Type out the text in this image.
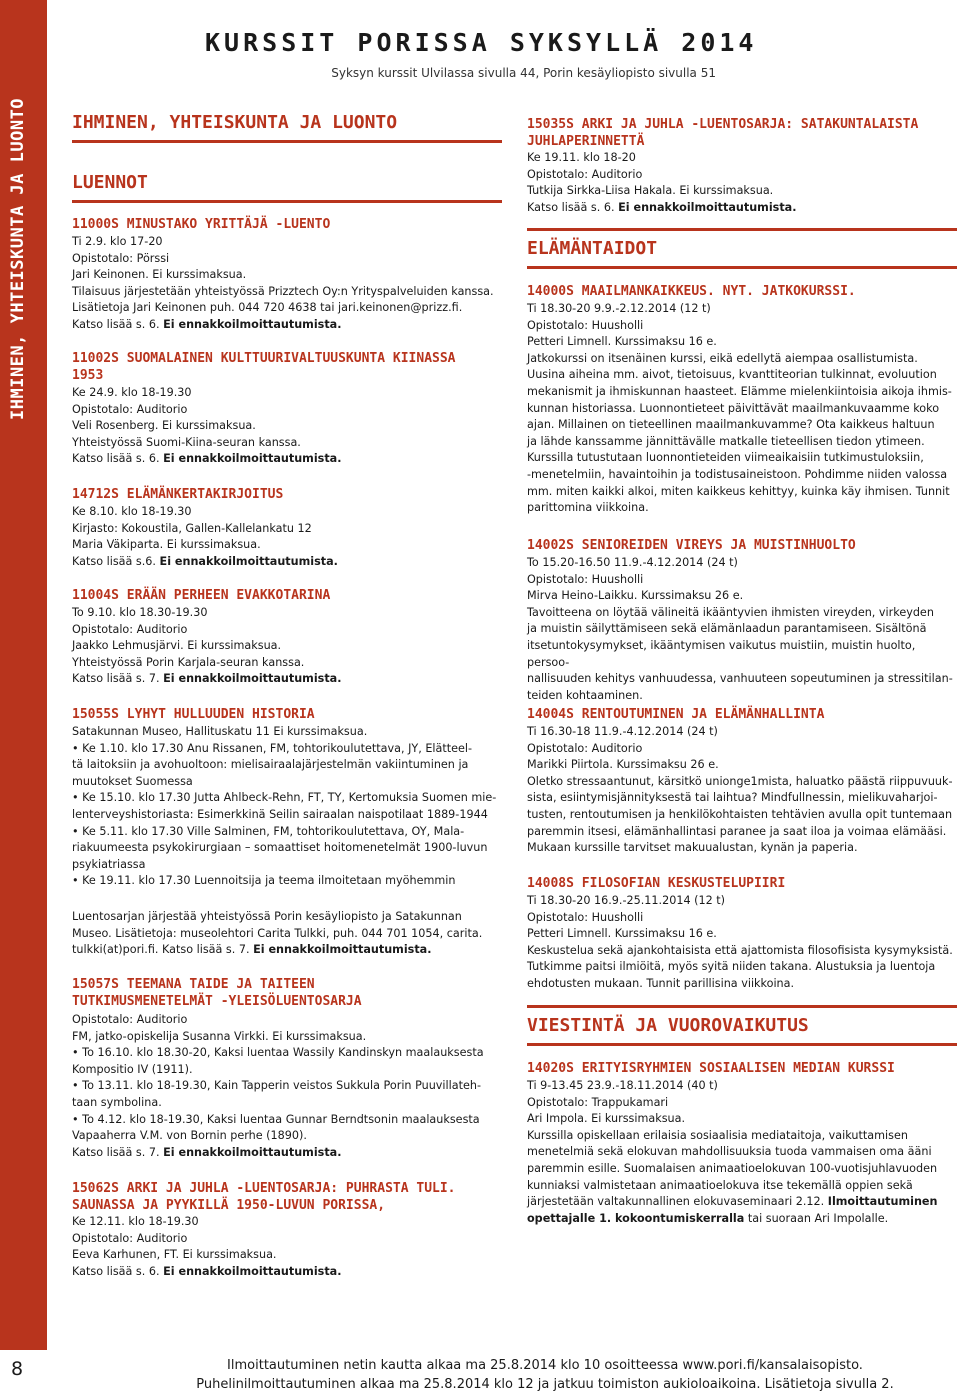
IHMINEN, YHTEISKUNTA JA LUONTO
8
KURSSIT PORISSA SYKSYLLÄ 2014
Syksyn kurssit Ulvilassa sivulla 44, Porin kesäyliopisto sivulla 51
IHMINEN, YHTEISKUNTA JA LUONTO
LUENNOT
11000S MINUSTAKO YRITTÄJÄ -LUENTO
Ti 2.9. klo 17-20
Opistotalo: Pörssi
Jari Keinonen. Ei kurssimaksua.
Tilaisuus järjestetään yhteistyössä Prizztech Oy:n Yrityspalveluiden kanssa.
Lisätietoja Jari Keinonen puh. 044 720 4638 tai jari.keinonen@prizz.fi.
Katso lisää s. 6. Ei ennakkoilmoittautumista.
11002S SUOMALAINEN KULTTUURIVALTUUSKUNTA KIINASSA 1953
Ke 24.9. klo 18-19.30
Opistotalo: Auditorio
Veli Rosenberg. Ei kurssimaksua.
Yhteistyössä Suomi-Kiina-seuran kanssa.
Katso lisää s. 6. Ei ennakkoilmoittautumista.
14712S ELÄMÄNKERTAKIRJOITUS
Ke 8.10. klo 18-19.30
Kirjasto: Kokoustila, Gallen-Kallelankatu 12
Maria Väkiparta. Ei kurssimaksua.
Katso lisää s.6. Ei ennakkoilmoittautumista.
11004S ERÄÄN PERHEEN EVAKKOTARINA
To 9.10. klo 18.30-19.30
Opistotalo: Auditorio
Jaakko Lehmusjärvi. Ei kurssimaksua.
Yhteistyössä Porin Karjala-seuran kanssa.
Katso lisää s. 7. Ei ennakkoilmoittautumista.
15055S LYHYT HULLUUDEN HISTORIA
Satakunnan Museo, Hallituskatu 11 Ei kurssimaksua.
• Ke 1.10. klo 17.30 Anu Rissanen, FM, tohtorikoulutettava, JY, Elätteel-
tä laitoksiin ja avohuoltoon: mielisairaalajärjestelmän vakiintuminen ja
muutokset Suomessa
• Ke 15.10. klo 17.30 Jutta Ahlbeck-Rehn, FT, TY, Kertomuksia Suomen mie-
lenterveyshistoriasta: Esimerkkinä Seilin sairaalan naispotilaat 1889-1944
• Ke 5.11. klo 17.30 Ville Salminen, FM, tohtorikoulutettava, OY, Mala-
riakuumeesta psykokirurgiaan – somaattiset hoitomenetelmät 1900-luvun
psykiatriassa
• Ke 19.11. klo 17.30 Luennoitsija ja teema ilmoitetaan myöhemmin
Luentosarjan järjestää yhteistyössä Porin kesäyliopisto ja Satakunnan
Museo. Lisätietoja: museolehtori Carita Tulkki, puh. 044 701 1054, carita.
tulkki(at)pori.fi. Katso lisää s. 7. Ei ennakkoilmoittautumista.
15057S TEEMANA TAIDE JA TAITEEN TUTKIMUSMENETELMÄT -YLEISÖLUENTOSARJA
Opistotalo: Auditorio
FM, jatko-opiskelija Susanna Virkki. Ei kurssimaksua.
• To 16.10. klo 18.30-20, Kaksi luentaa Wassily Kandinskyn maalauksesta
Kompositio IV (1911).
• To 13.11. klo 18-19.30, Kain Tapperin veistos Sukkula Porin Puuvillateh-
taan symbolina.
• To 4.12. klo 18-19.30, Kaksi luentaa Gunnar Berndtsonin maalauksesta
Vapaaherra V.M. von Bornin perhe (1890).
Katso lisää s. 7. Ei ennakkoilmoittautumista.
15062S ARKI JA JUHLA -LUENTOSARJA: PUHRASTA TULI. SAUNASSA JA PYYKILLÄ 1950-LUVUN PORISSA,
Ke 12.11. klo 18-19.30
Opistotalo: Auditorio
Eeva Karhunen, FT. Ei kurssimaksua.
Katso lisää s. 6. Ei ennakkoilmoittautumista.
15035S ARKI JA JUHLA -LUENTOSARJA: SATAKUNTALAISTA JUHLAPERINNETTÄ
Ke 19.11. klo 18-20
Opistotalo: Auditorio
Tutkija Sirkka-Liisa Hakala. Ei kurssimaksua.
Katso lisää s. 6. Ei ennakkoilmoittautumista.
ELÄMÄNTAIDOT
14000S MAAILMANKAIKKEUS. NYT. JATKOKURSSI.
Ti 18.30-20 9.9.-2.12.2014 (12 t)
Opistotalo: Huusholli
Petteri Limnell. Kurssimaksu 16 e.
Jatkokurssi on itsenäinen kurssi, eikä edellytä aiempaa osallistumista.
Uusina aiheina mm. aivot, tietoisuus, kvanttiteorian tulkinnat, evoluution
mekanismit ja ihmiskunnan haasteet. Elämme mielenkiintoisia aikoja ihmis-
kunnan historiassa. Luonnontieteet päivittävät maailmankuvaamme koko
ajan. Millainen on tieteellinen maailmankuvamme? Ota kaikkeus haltuun
ja lähde kanssamme jännittävälle matkalle tieteellisen tiedon ytimeen.
Kurssilla tutustutaan luonnontieteiden viimeaikaisiin tutkimustuloksiin,
-menetelmiin, havaintoihin ja todistusaineistoon. Pohdimme niiden valossa
mm. miten kaikki alkoi, miten kaikkeus kehittyy, kuinka käy ihmisen. Tunnit
parittomina viikkoina.
14002S SENIOREIDEN VIREYS JA MUISTINHUOLTO
To 15.20-16.50 11.9.-4.12.2014 (24 t)
Opistotalo: Huusholli
Mirva Heino-Laikku. Kurssimaksu 26 e.
Tavoitteena on löytää välineitä ikääntyvien ihmisten vireyden, virkeyden
ja muistin säilyttämiseen sekä elämänlaadun parantamiseen. Sisältönä
itsetuntokysymykset, ikääntymisen vaikutus muistiin, muistin huolto, persoo-
nallisuuden kehitys vanhuudessa, vanhuuteen sopeutuminen ja stressitilan-
teiden kohtaaminen.
14004S RENTOUTUMINEN JA ELÄMÄNHALLINTA
Ti 16.30-18 11.9.-4.12.2014 (24 t)
Opistotalo: Auditorio
Marikki Piirtola. Kurssimaksu 26 e.
Oletko stressaantunut, kärsitkö unionge1mista, haluatko päästä riippuvuuk-
sista, esiintymisjännityksestä tai laihtua? Mindfullnessin, mielikuvaharjoi-
tusten, rentoutumisen ja henkilökohtaisten tehtävien avulla opit tuntemaan
paremmin itsesi, elämänhallintasi paranee ja saat iloa ja voimaa elämääsi.
Mukaan kurssille tarvitset makuualustan, kynän ja paperia.
14008S FILOSOFIAN KESKUSTELUPIIRI
Ti 18.30-20 16.9.-25.11.2014 (12 t)
Opistotalo: Huusholli
Petteri Limnell. Kurssimaksu 16 e.
Keskustelua sekä ajankohtaisista että ajattomista filosofisista kysymyksistä.
Tutkimme paitsi ilmiöitä, myös syitä niiden takana. Alustuksia ja luentoja
ehdotusten mukaan. Tunnit parillisina viikkoina.
VIESTINTÄ JA VUOROVAIKUTUS
14020S ERITYISRYHMIEN SOSIAALISEN MEDIAN KURSSI
Ti 9-13.45 23.9.-18.11.2014 (40 t)
Opistotalo: Trappukamari
Ari Impola. Ei kurssimaksua.
Kurssilla opiskellaan erilaisia sosiaalisia mediataitoja, vaikuttamisen
menetelmiä sekä elokuvan mahdollisuuksia tuoda vammaisen oma ääni
paremmin esille. Suomalaisen animaatioelokuvan 100-vuotisjuhlavuoden
kunniaksi valmistetaan animaatioelokuva itse tekemällä oppien sekä
järjestetään valtakunnallinen elokuvaseminaari 2.12. Ilmoittautuminen
opettajalle 1. kokoontumiskerralla tai suoraan Ari Impolalle.
Ilmoittautuminen netin kautta alkaa ma 25.8.2014 klo 10 osoitteessa www.pori.fi/kansalaisopisto.
Puhelinilmoittautuminen alkaa ma 25.8.2014 klo 12 ja jatkuu toimiston aukioloaikoina. Lisätietoja sivulla 2.
